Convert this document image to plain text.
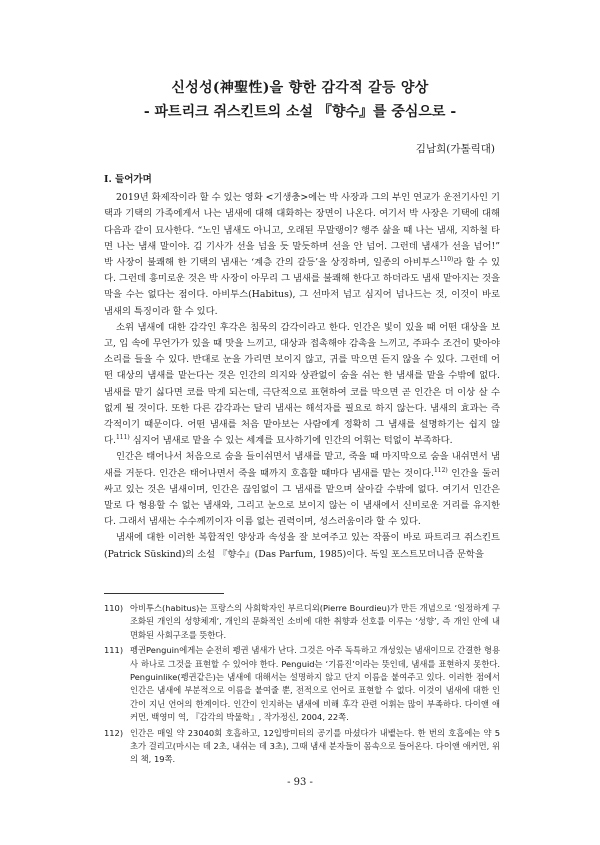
신성성(神聖性)을 향한 감각적 갈등 양상
- 파트리크 쥐스킨트의 소설 『향수』를 중심으로 -
김남희(가톨릭대)
I. 들어가며

2019년 화제작이라 할 수 있는 영화 <기생충>에는 박 사장과 그의 부인 연교가 운전기사인 기택과 기택의 가족에게서 나는 냄새에 대해 대화하는 장면이 나온다. 여기서 박 사장은 기택에 대해 다음과 같이 묘사한다. “노인 냄새도 아니고, 오래된 무말랭이? 행주 삶을 때 나는 냄새, 지하철 타면 나는 냄새 말이야. 김 기사가 선을 넘을 듯 말듯하며 선을 안 넘어. 그런데 냄새가 선을 넘어!” 박 사장이 불쾌해 한 기택의 냄새는 ‘계층 간의 갈등’을 상징하며, 일종의 아비투스$^{110)}$라 할 수 있다. 그런데 흥미로운 것은 박 사장이 아무리 그 냄새를 불쾌해 한다고 하더라도 냄새 맡아지는 것을 막을 수는 없다는 점이다. 아비투스(Habitus), 그 선마저 넘고 심지어 넘나드는 것, 이것이 바로 냄새의 특징이라 할 수 있다.

소위 냄새에 대한 감각인 후각은 침묵의 감각이라고 한다. 인간은 빛이 있을 때 어떤 대상을 보고, 입 속에 무언가가 있을 때 맛을 느끼고, 대상과 접촉해야 감촉을 느끼고, 주파수 조건이 맞아야 소리를 들을 수 있다. 반대로 눈을 가리면 보이지 않고, 귀를 막으면 듣지 않을 수 있다. 그런데 어떤 대상의 냄새를 맡는다는 것은 인간의 의지와 상관없이 숨을 쉬는 한 냄새를 맡을 수밖에 없다. 냄새를 맡기 싫다면 코를 막게 되는데, 극단적으로 표현하여 코를 막으면 곧 인간은 더 이상 살 수 없게 될 것이다. 또한 다른 감각과는 달리 냄새는 해석자를 필요로 하지 않는다. 냄새의 효과는 즉각적이기 때문이다. 어떤 냄새를 처음 맡아보는 사람에게 정확히 그 냄새를 설명하기는 쉽지 않다.$^{111)}$ 심지어 냄새로 맡을 수 있는 세계를 묘사하기에 인간의 어휘는 턱없이 부족하다.

인간은 태어나서 처음으로 숨을 들이쉬면서 냄새를 맡고, 죽을 때 마지막으로 숨을 내쉬면서 냄새를 거둔다. 인간은 태어나면서 죽을 때까지 호흡할 때마다 냄새를 맡는 것이다.$^{112)}$ 인간을 둘러싸고 있는 것은 냄새이며, 인간은 끊임없이 그 냄새를 맡으며 살아갈 수밖에 없다. 여기서 인간은 말로 다 형용할 수 없는 냄새와, 그리고 눈으로 보이지 않는 이 냄새에서 신비로운 거리를 유지한다. 그래서 냄새는 수수께끼이자 이름 없는 권력이며, 성스러움이라 할 수 있다.

냄새에 대한 이러한 복합적인 양상과 속성을 잘 보여주고 있는 작품이 바로 파트리크 쥐스킨트(Patrick Süskind)의 소설 『향수』(Das Parfum, 1985)이다. 독일 포스트모더니즘 문학을

110) 아비투스(habitus)는 프랑스의 사회학자인 부르디외(Pierre Bourdieu)가 만든 개념으로 ‘일정하게 구조화된 개인의 성향체계’, 개인의 문화적인 소비에 대한 취향과 선호를 이루는 ‘성향’, 즉 개인 안에 내면화된 사회구조를 뜻한다.
111) 펭귄Penguin에게는 순전히 펭귄 냄새가 난다. 그것은 아주 독특하고 개성있는 냄새이므로 간결한 형용사 하나로 그것을 표현할 수 있어야 한다. Penguid는 ‘기름진’이라는 뜻인데, 냄새를 표현하지 못한다. Penguinlike(펭귄같은)는 냄새에 대해서는 설명하지 않고 단지 이름을 붙여주고 있다. 이러한 점에서 인간은 냄새에 부분적으로 이름을 붙여줄 뿐, 전적으로 언어로 표현할 수 없다. 이것이 냄새에 대한 인간이 지닌 언어의 한계이다. 인간이 인지하는 냄새에 비해 후각 관련 어휘는 많이 부족하다. 다이앤 애커먼, 백영미 역, 『감각의 박물학』, 작가정신, 2004, 22쪽.
112) 인간은 매일 약 23040회 호흡하고, 12입방미터의 공기를 마셨다가 내뱉는다. 한 번의 호흡에는 약 5초가 걸리고(마시는 데 2초, 내쉬는 데 3초), 그때 냄새 분자들이 몸속으로 들어온다. 다이앤 애커먼, 위의 책, 19쪽.
- 93 -
